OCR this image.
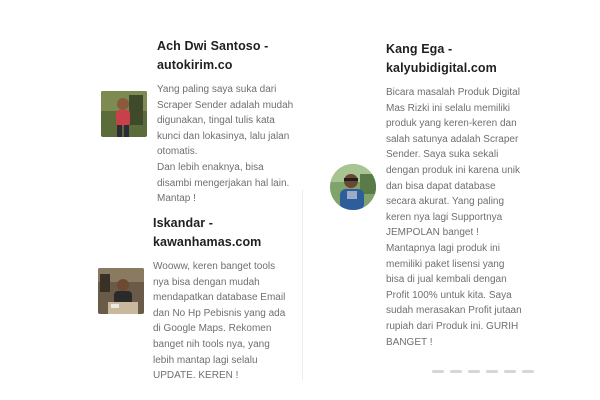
Ach Dwi Santoso -
autokirim.co
Yang paling saya suka dari
Scraper Sender adalah mudah
digunakan, tingal tulis kata
kunci dan lokasinya, lalu jalan
otomatis.
Dan lebih enaknya, bisa
disambi mengerjakan hal lain.
Mantap !
Iskandar -
kawanhamas.com
Wooww, keren banget tools
nya bisa dengan mudah
mendapatkan database Email
dan No Hp Pebisnis yang ada
di Google Maps. Rekomen
banget nih tools nya, yang
lebih mantap lagi selalu
UPDATE. KEREN !
Kang Ega -
kalyubidigital.com
Bicara masalah Produk Digital
Mas Rizki ini selalu memiliki
produk yang keren-keren dan
salah satunya adalah Scraper
Sender. Saya suka sekali
dengan produk ini karena unik
dan bisa dapat database
secara akurat. Yang paling
keren nya lagi Supportnya
JEMPOLAN banget !
Mantapnya lagi produk ini
memiliki paket lisensi yang
bisa di jual kembali dengan
Profit 100% untuk kita. Saya
sudah merasakan Profit jutaan
rupiah dari Produk ini. GURIH
BANGET !
